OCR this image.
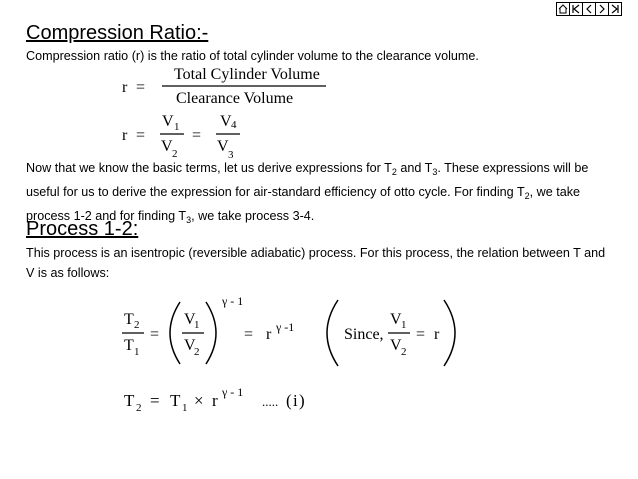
Compression Ratio:-
Compression ratio (r) is the ratio of total cylinder volume to the clearance volume.
r =
Total Cylinder Volume
Clearance Volume
r =
V 1
V 2
=
V 4
V 3
T 2
T 1
=
V
1
V
2
γ - 1
= r γ -1	Since,
V 1
V 2
= r
T 2 = T 1 × r γ - 1
..... ( i )
Now that we know the basic terms, let us derive expressions for $T_2$ and $T_3$. These expressions will be useful for us to derive the expression for air-standard efficiency of otto cycle. For finding $T_2$, we take process 1-2 and for finding $T_3$, we take process 3-4.
Process 1-2:
This process is an isentropic (reversible adiabatic) process. For this process, the relation between T and V is as follows:
